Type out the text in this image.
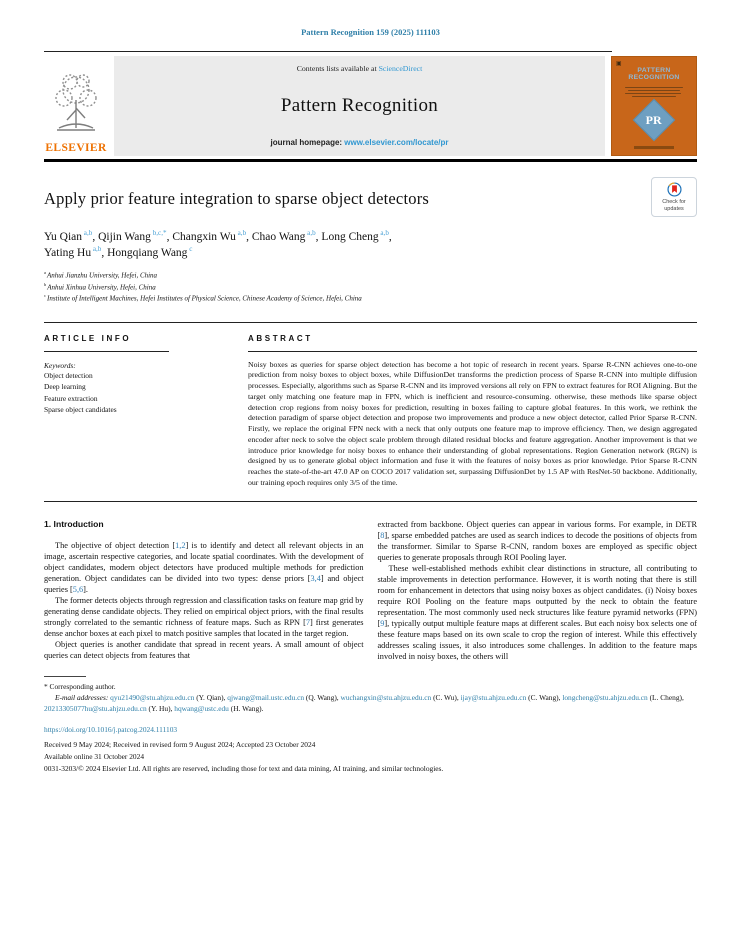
Pattern Recognition 159 (2025) 111103
ELSEVIER
Contents lists available at ScienceDirect
Pattern Recognition
journal homepage: www.elsevier.com/locate/pr
▣
PATTERN RECOGNITION
PR
Apply prior feature integration to sparse object detectors	Check for
updates
Yu Qian $^{a,b}$, Qijin Wang $^{b,c,*}$, Changxin Wu $^{a,b}$, Chao Wang $^{a,b}$, Long Cheng $^{a,b}$,
Yating Hu $^{a,b}$, Hongqiang Wang $^c$
$^a$ Anhui Jianzhu University, Hefei, China
$^b$ Anhui Xinhua University, Hefei, China
$^c$ Institute of Intelligent Machines, Hefei Institutes of Physical Science, Chinese Academy of Science, Hefei, China
ARTICLE INFO
Keywords:
Object detection
Deep learning
Feature extraction
Sparse object candidates
ABSTRACT
Noisy boxes as queries for sparse object detection has become a hot topic of research in recent years. Sparse R-CNN achieves one-to-one prediction from noisy boxes to object boxes, while DiffusionDet transforms the prediction process of Sparse R-CNN into multiple diffusion processes. Especially, algorithms such as Sparse R-CNN and its improved versions all rely on FPN to extract features for ROI Aligning. But the target only matching one feature map in FPN, which is inefficient and resource-consuming. otherwise, these methods like sparse object detection crop regions from noisy boxes for prediction, resulting in boxes failing to capture global features. In this work, we rethink the detection paradigm of sparse object detection and propose two improvements and produce a new object detector, called Prior Sparse R-CNN. Firstly, we replace the original FPN neck with a neck that only outputs one feature map to improve efficiency. Then, we design aggregated encoder after neck to solve the object scale problem through dilated residual blocks and feature aggregation. Another improvement is that we introduce prior knowledge for noisy boxes to enhance their understanding of global representations. Region Generation network (RGN) is designed by us to generate global object information and fuse it with the features of noisy boxes as prior knowledge. Prior Sparse R-CNN reaches the state-of-the-art 47.0 AP on COCO 2017 validation set, surpassing DiffusionDet by 1.5 AP with ResNet-50 backbone. Additionally, our training epoch requires only 3/5 of the time.
1. Introduction
The objective of object detection [1,2] is to identify and detect all relevant objects in an image, ascertain respective categories, and locate spatial coordinates. With the development of object candidates, modern object detectors have produced multiple methods for prediction generation. Object candidates can be divided into two types: dense priors [3,4] and object queries [5,6].
The former detects objects through regression and classification tasks on feature map grid by generating dense candidate objects. They relied on empirical object priors, with the final results strongly correlated to the semantic richness of feature maps. Such as RPN [7] first generates dense anchor boxes at each pixel to match positive samples that located in the target region.
Object queries is another candidate that spread in recent years. A small amount of object queries can detect objects from features that
extracted from backbone. Object queries can appear in various forms. For example, in DETR [8], sparse embedded patches are used as search indices to decode the positions of objects from the transformer. Similar to Sparse R-CNN, random boxes are employed as specific object queries to generate proposals through ROI Pooling layer.
These well-established methods exhibit clear distinctions in structure, all contributing to stable improvements in detection performance. However, it is worth noting that there is still room for enhancement in detectors that using noisy boxes as object candidates. (i) Noisy boxes require ROI Pooling on the feature maps outputted by the neck to obtain the feature representation. The most commonly used neck structures like feature pyramid networks (FPN) [9], typically output multiple feature maps at different scales. But each noisy box selects one of these feature maps based on its own scale to crop the region of interest. While this effectively addresses scaling issues, it also introduces some challenges. In addition to the feature maps involved in noisy boxes, the others will
* Corresponding author.
E-mail addresses: qyu21490@stu.ahjzu.edu.cn (Y. Qian), qjwang@mail.ustc.edu.cn (Q. Wang), wuchangxin@stu.ahjzu.edu.cn (C. Wu), ijay@stu.ahjzu.edu.cn (C. Wang), longcheng@stu.ahjzu.edu.cn (L. Cheng), 20213305077hu@stu.ahjzu.edu.cn (Y. Hu), hqwang@ustc.edu (H. Wang).
https://doi.org/10.1016/j.patcog.2024.111103
Received 9 May 2024; Received in revised form 9 August 2024; Accepted 23 October 2024
Available online 31 October 2024
0031-3203/© 2024 Elsevier Ltd. All rights are reserved, including those for text and data mining, AI training, and similar technologies.
